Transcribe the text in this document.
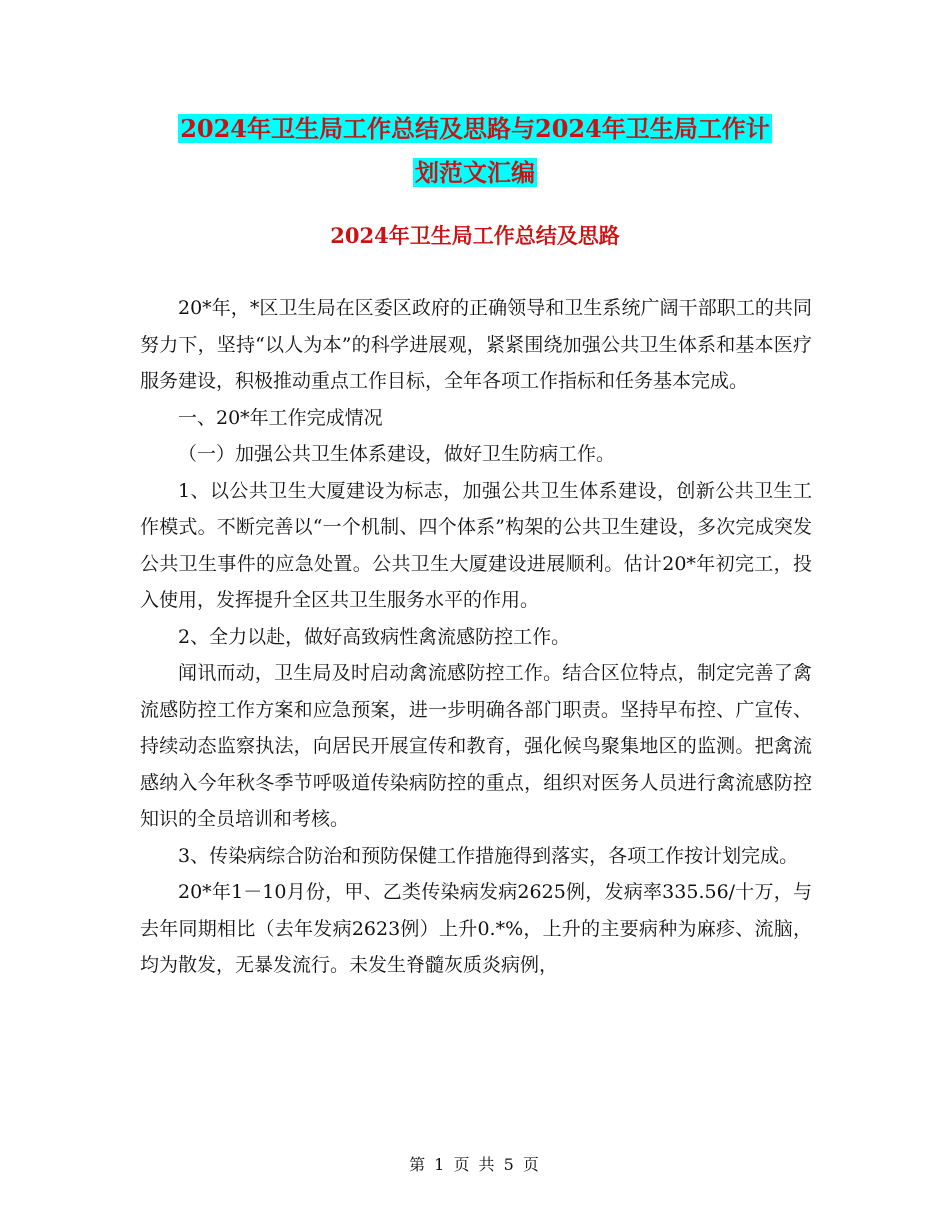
2024年卫生局工作总结及思路与2024年卫生局工作计
划范文汇编
2024年卫生局工作总结及思路

20*年，*区卫生局在区委区政府的正确领导和卫生系统广阔干部职工的共同努力下，坚持“以人为本”的科学进展观，紧紧围绕加强公共卫生体系和基本医疗服务建设，积极推动重点工作目标，全年各项工作指标和任务基本完成。

一、20*年工作完成情况

（一）加强公共卫生体系建设，做好卫生防病工作。

1、以公共卫生大厦建设为标志，加强公共卫生体系建设，创新公共卫生工作模式。不断完善以“一个机制、四个体系”构架的公共卫生建设，多次完成突发公共卫生事件的应急处置。公共卫生大厦建设进展顺利。估计20*年初完工，投入使用，发挥提升全区共卫生服务水平的作用。

2、全力以赴，做好高致病性禽流感防控工作。

闻讯而动，卫生局及时启动禽流感防控工作。结合区位特点，制定完善了禽流感防控工作方案和应急预案，进一步明确各部门职责。坚持早布控、广宣传、持续动态监察执法，向居民开展宣传和教育，强化候鸟聚集地区的监测。把禽流感纳入今年秋冬季节呼吸道传染病防控的重点，组织对医务人员进行禽流感防控知识的全员培训和考核。

3、传染病综合防治和预防保健工作措施得到落实，各项工作按计划完成。

20*年1－10月份，甲、乙类传染病发病2625例，发病率335.56/十万，与去年同期相比（去年发病2623例）上升0.*%，上升的主要病种为麻疹、流脑，均为散发，无暴发流行。未发生脊髓灰质炎病例，

第 1 页 共 5 页
